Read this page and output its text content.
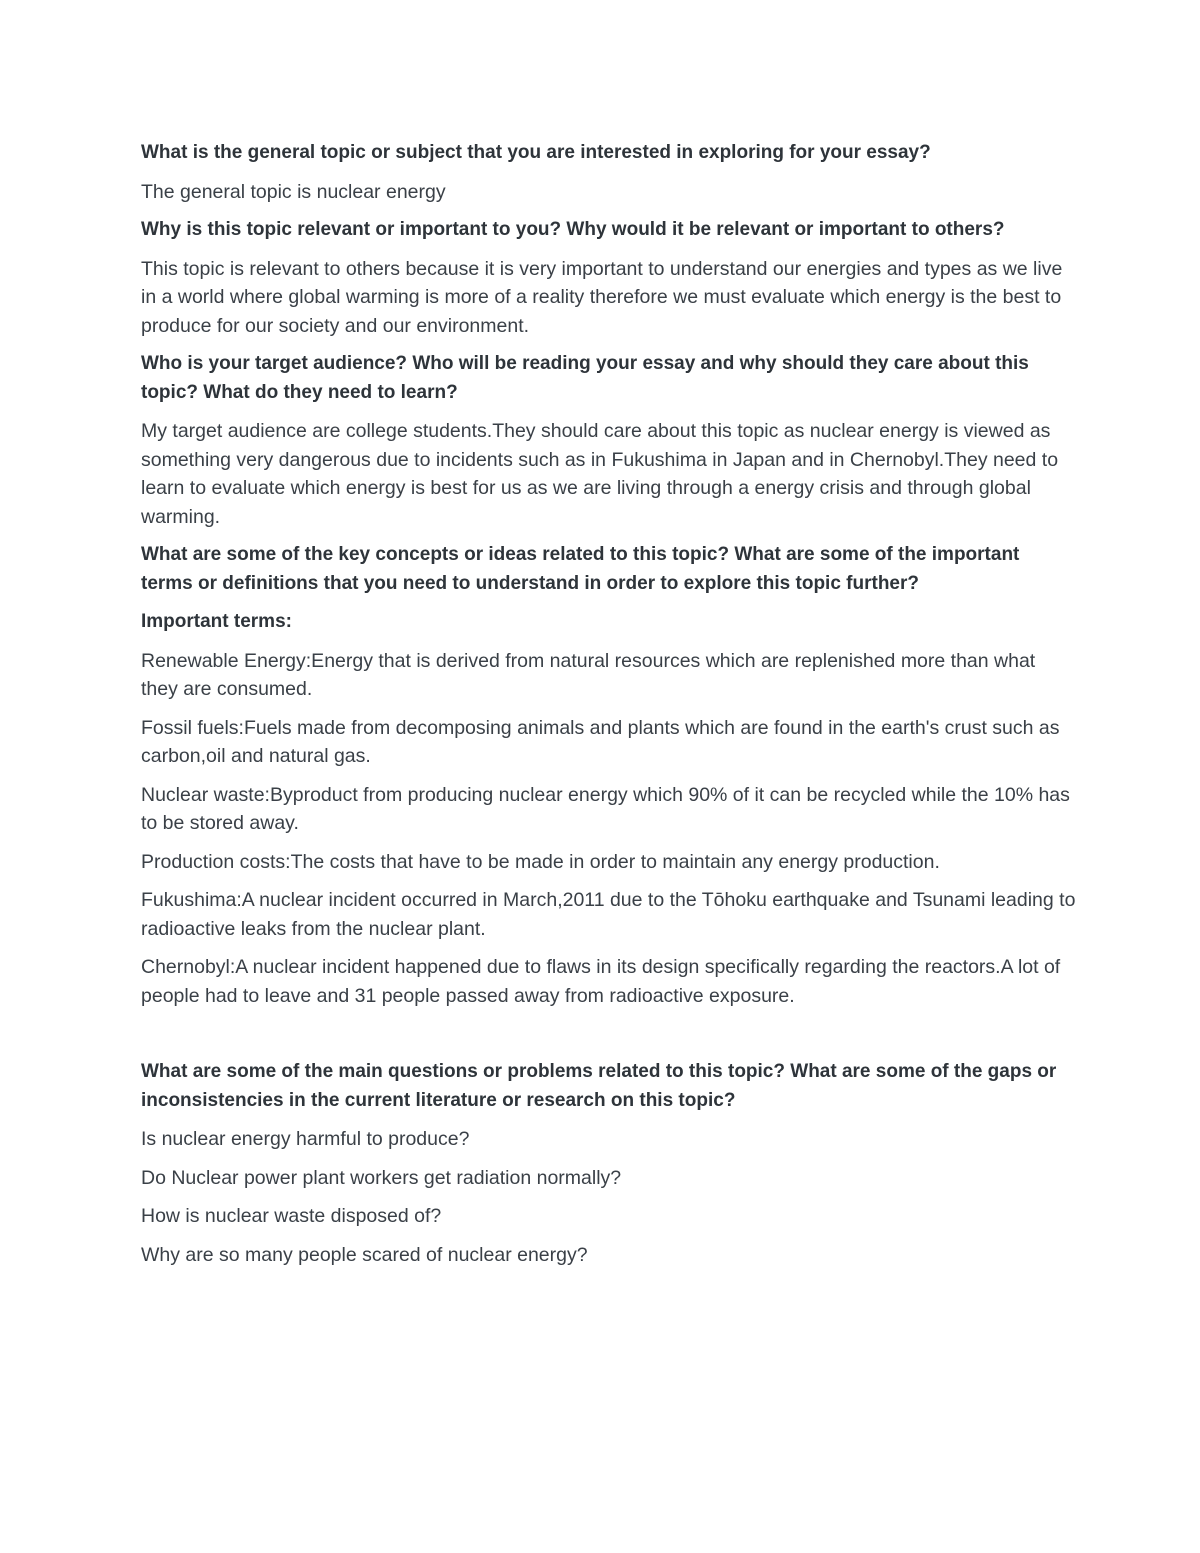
What is the general topic or subject that you are interested in exploring for your essay?

The general topic is nuclear energy

Why is this topic relevant or important to you? Why would it be relevant or important to others?

This topic is relevant to others because it is very important to understand our energies and types as we live in a world where global warming is more of a reality therefore we must evaluate which energy is the best to produce for our society and our environment.

Who is your target audience? Who will be reading your essay and why should they care about this topic? What do they need to learn?

My target audience are college students.They should care about this topic as nuclear energy is viewed as something very dangerous due to incidents such as in Fukushima in Japan and in Chernobyl.They need to learn to evaluate which energy is best for us as we are living through a energy crisis and through global warming.

What are some of the key concepts or ideas related to this topic? What are some of the important terms or definitions that you need to understand in order to explore this topic further?

Important terms:

Renewable Energy:Energy that is derived from natural resources which are replenished more than what they are consumed.

Fossil fuels:Fuels made from decomposing animals and plants which are found in the earth's crust such as carbon,oil and natural gas.

Nuclear waste:Byproduct from producing nuclear energy which 90% of it can be recycled while the 10% has to be stored away.

Production costs:The costs that have to be made in order to maintain any energy production.

Fukushima:A nuclear incident occurred in March,2011 due to the Tōhoku earthquake and Tsunami leading to radioactive leaks from the nuclear plant.

Chernobyl:A nuclear incident happened due to flaws in its design specifically regarding the reactors.A lot of people had to leave and 31 people passed away from radioactive exposure.

What are some of the main questions or problems related to this topic? What are some of the gaps or inconsistencies in the current literature or research on this topic?

Is nuclear energy harmful to produce?

Do Nuclear power plant workers get radiation normally?

How is nuclear waste disposed of?

Why are so many people scared of nuclear energy?
